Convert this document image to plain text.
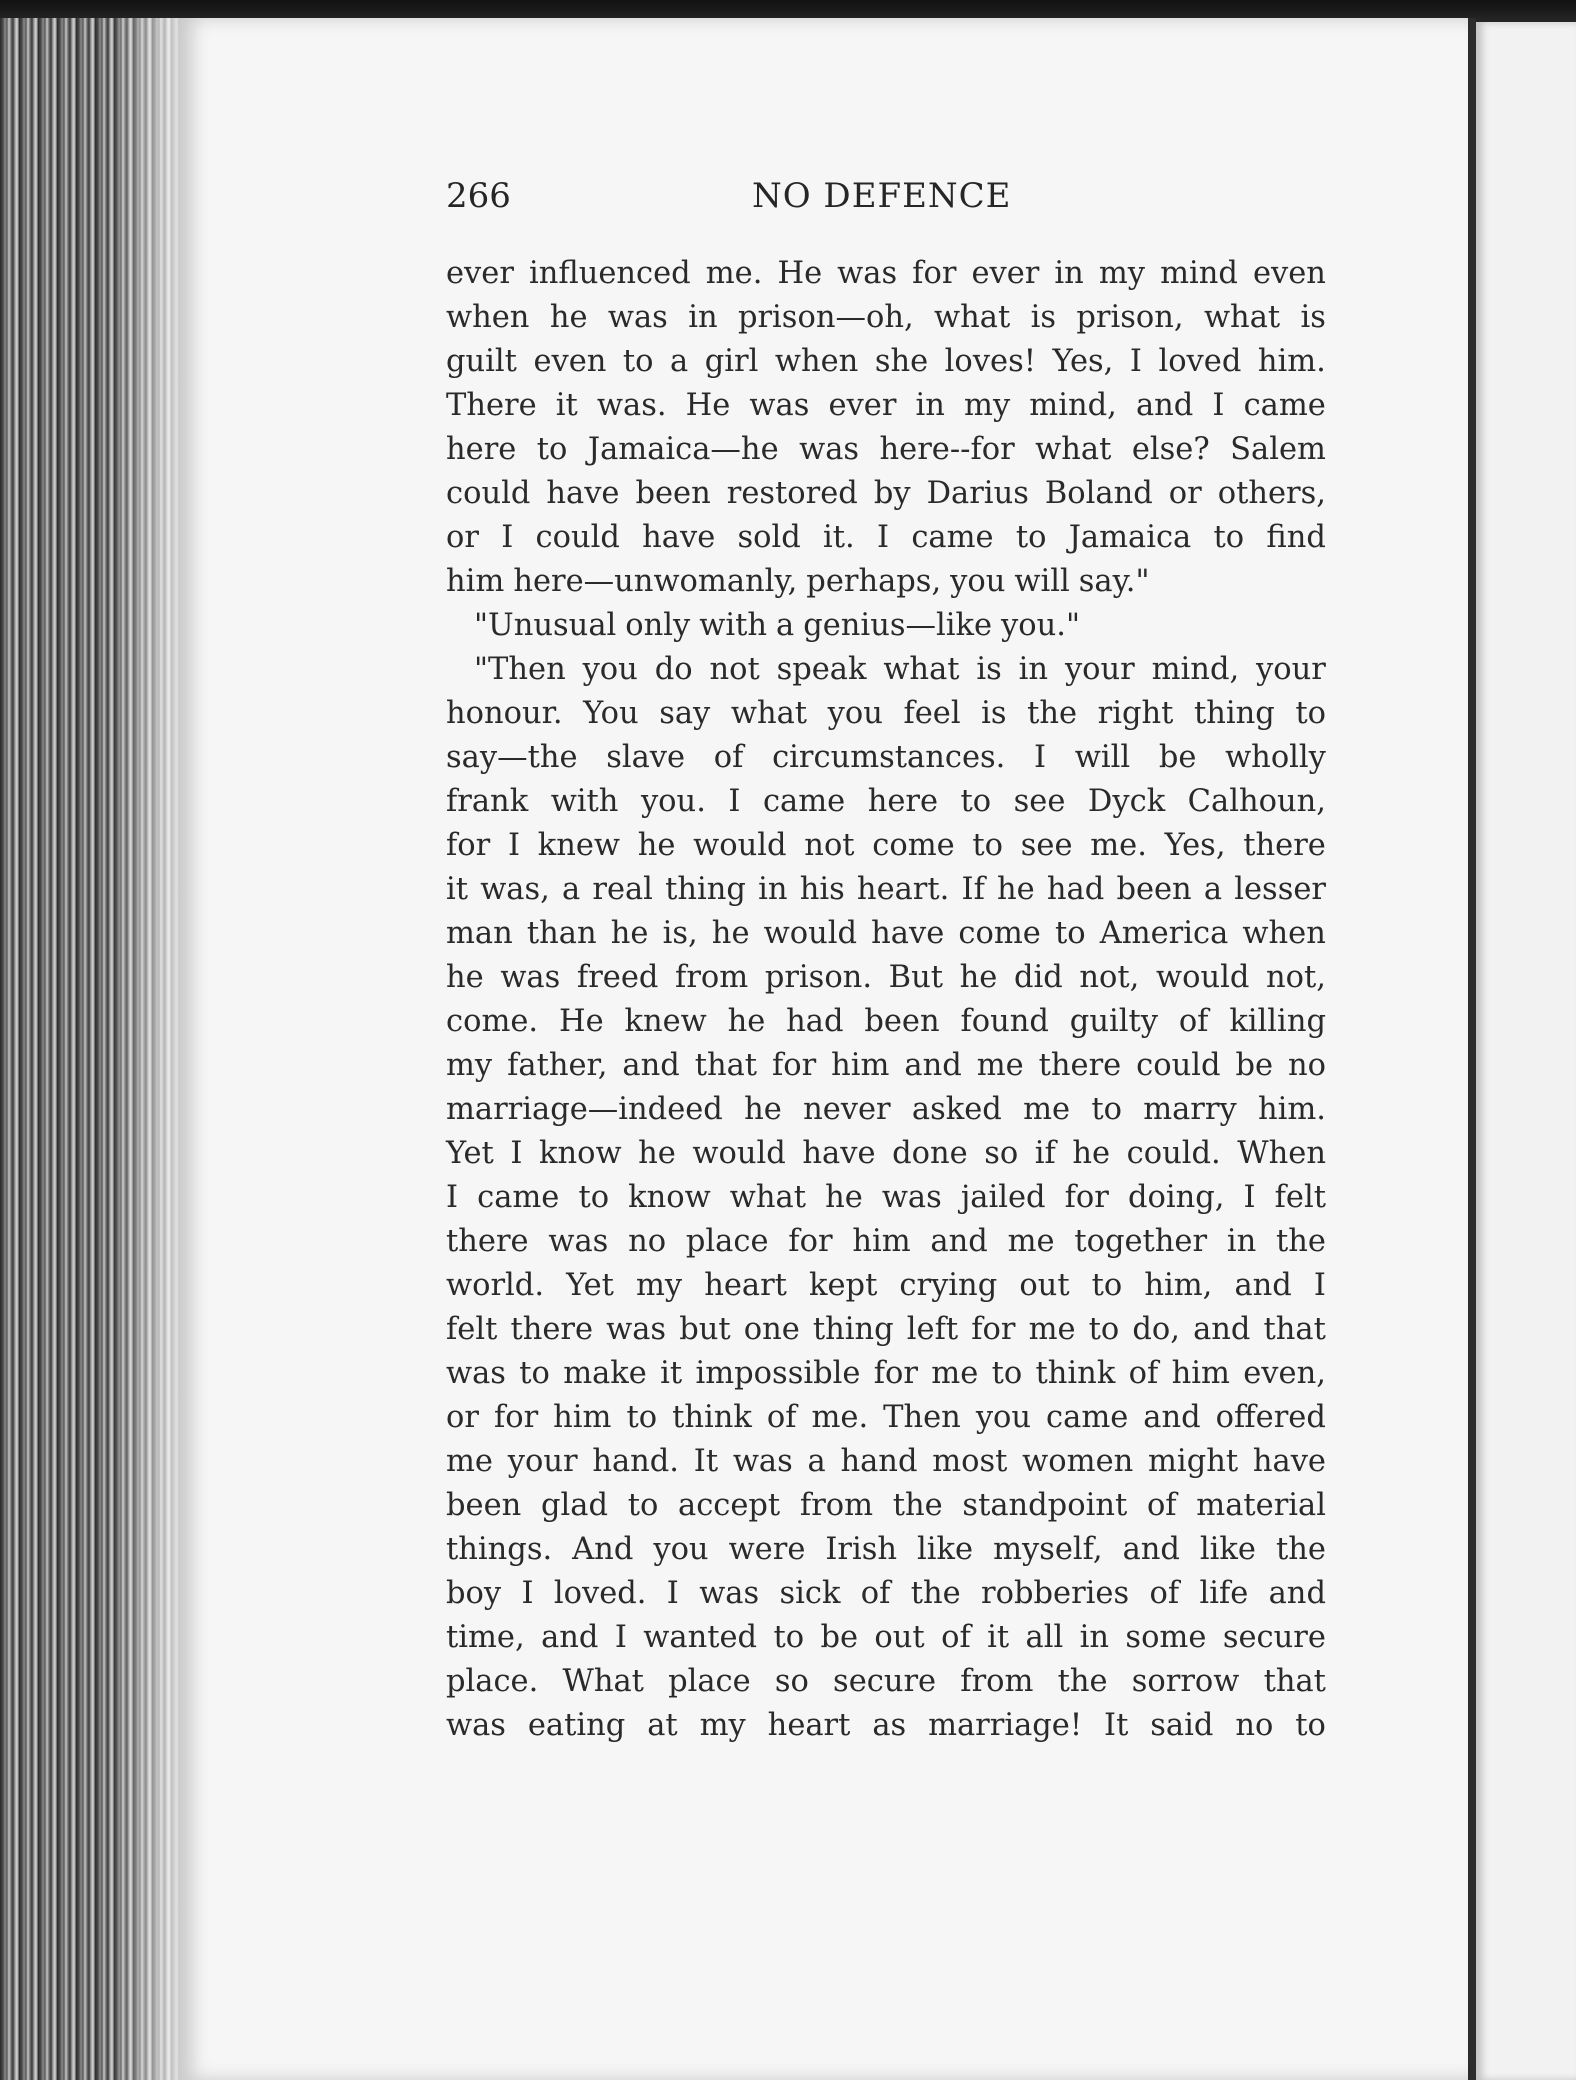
266	NO DEFENCE
ever influenced me. He was for ever in my mind even
when he was in prison—oh, what is prison, what is
guilt even to a girl when she loves! Yes, I loved him.
There it was. He was ever in my mind, and I came
here to Jamaica—he was here--for what else? Salem
could have been restored by Darius Boland or others,
or I could have sold it. I came to Jamaica to find
him here—unwomanly, perhaps, you will say."
"Unusual only with a genius—like you."
"Then you do not speak what is in your mind, your
honour. You say what you feel is the right thing to
say—the slave of circumstances. I will be wholly
frank with you. I came here to see Dyck Calhoun,
for I knew he would not come to see me. Yes, there
it was, a real thing in his heart. If he had been a lesser
man than he is, he would have come to America when
he was freed from prison. But he did not, would not,
come. He knew he had been found guilty of killing
my father, and that for him and me there could be no
marriage—indeed he never asked me to marry him.
Yet I know he would have done so if he could. When
I came to know what he was jailed for doing, I felt
there was no place for him and me together in the
world. Yet my heart kept crying out to him, and I
felt there was but one thing left for me to do, and that
was to make it impossible for me to think of him even,
or for him to think of me. Then you came and offered
me your hand. It was a hand most women might have
been glad to accept from the standpoint of material
things. And you were Irish like myself, and like the
boy I loved. I was sick of the robberies of life and
time, and I wanted to be out of it all in some secure
place. What place so secure from the sorrow that
was eating at my heart as marriage! It said no to
